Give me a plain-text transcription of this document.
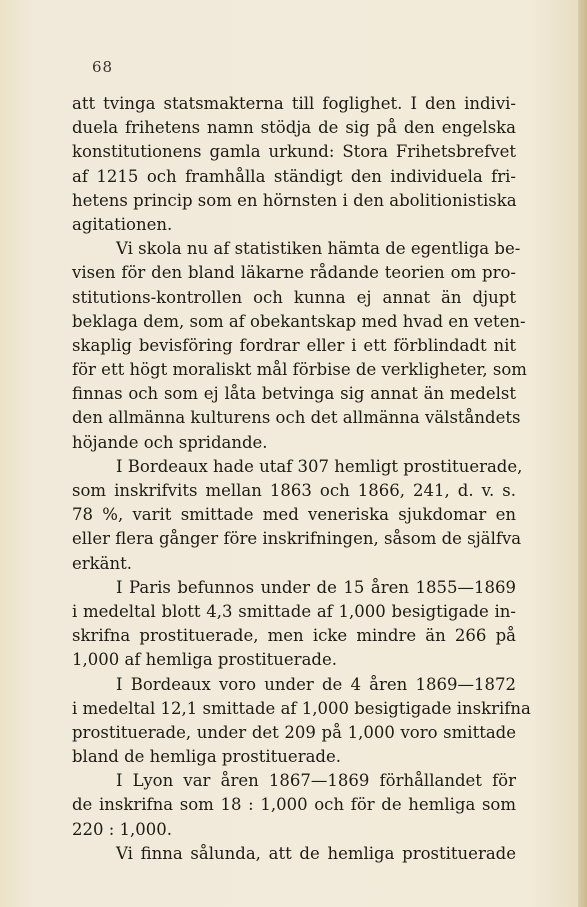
68
att tvinga statsmakterna till foglighet. I den indivi-
duela frihetens namn stödja de sig på den engelska
konstitutionens gamla urkund: Stora Frihetsbrefvet
af 1215 och framhålla ständigt den individuela fri-
hetens princip som en hörnsten i den abolitionistiska
agitationen.
Vi skola nu af statistiken hämta de egentliga be-
visen för den bland läkarne rådande teorien om pro-
stitutions-kontrollen och kunna ej annat än djupt
beklaga dem, som af obekantskap med hvad en veten-
skaplig bevisföring fordrar eller i ett förblindadt nit
för ett högt moraliskt mål förbise de verkligheter, som
finnas och som ej låta betvinga sig annat än medelst
den allmänna kulturens och det allmänna välståndets
höjande och spridande.
I Bordeaux hade utaf 307 hemligt prostituerade,
som inskrifvits mellan 1863 och 1866, 241, d. v. s.
78 %, varit smittade med veneriska sjukdomar en
eller flera gånger före inskrifningen, såsom de själfva
erkänt.
I Paris befunnos under de 15 åren 1855—1869
i medeltal blott 4,3 smittade af 1,000 besigtigade in-
skrifna prostituerade, men icke mindre än 266 på
1,000 af hemliga prostituerade.
I Bordeaux voro under de 4 åren 1869—1872
i medeltal 12,1 smittade af 1,000 besigtigade inskrifna
prostituerade, under det 209 på 1,000 voro smittade
bland de hemliga prostituerade.
I Lyon var åren 1867—1869 förhållandet för
de inskrifna som 18 : 1,000 och för de hemliga som
220 : 1,000.
Vi finna sålunda, att de hemliga prostituerade
